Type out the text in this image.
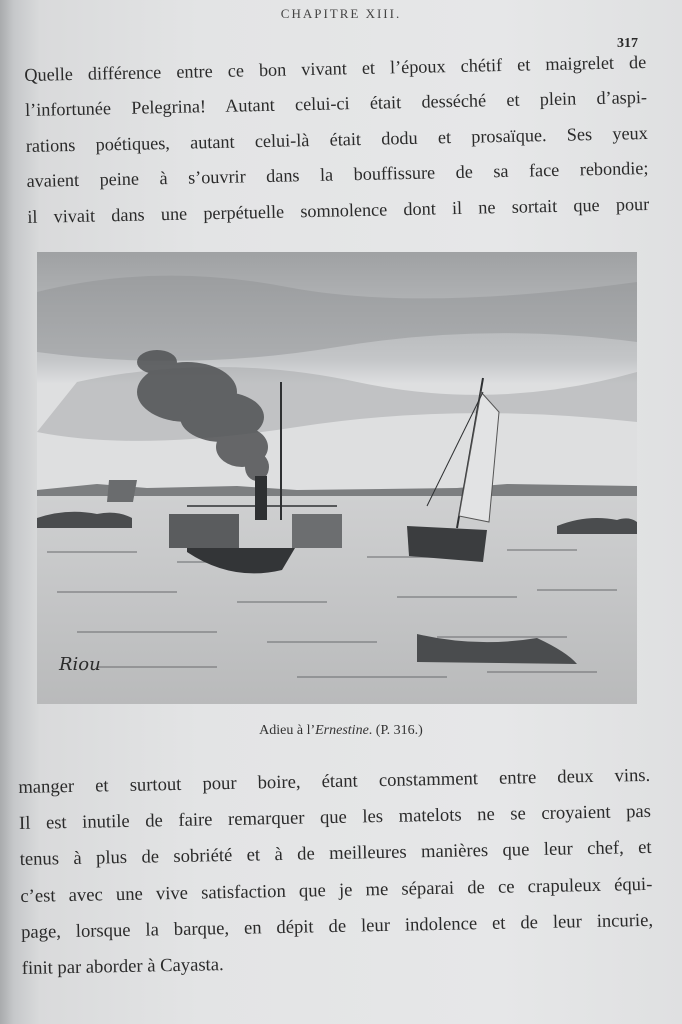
CHAPITRE XIII.
317
Quelle différence entre ce bon vivant et l’époux chétif et maigrelet de
l’infortunée Pelegrina! Autant celui-ci était desséché et plein d’aspi-
rations poétiques, autant celui-là était dodu et prosaïque. Ses yeux
avaient peine à s’ouvrir dans la bouffissure de sa face rebondie;
il vivait dans une perpétuelle somnolence dont il ne sortait que pour
Riou
Adieu à l’Ernestine. (P. 316.)
manger et surtout pour boire, étant constamment entre deux vins.
Il est inutile de faire remarquer que les matelots ne se croyaient pas
tenus à plus de sobriété et à de meilleures manières que leur chef, et
c’est avec une vive satisfaction que je me séparai de ce crapuleux équi-
page, lorsque la barque, en dépit de leur indolence et de leur incurie,
finit par aborder à Cayasta.
